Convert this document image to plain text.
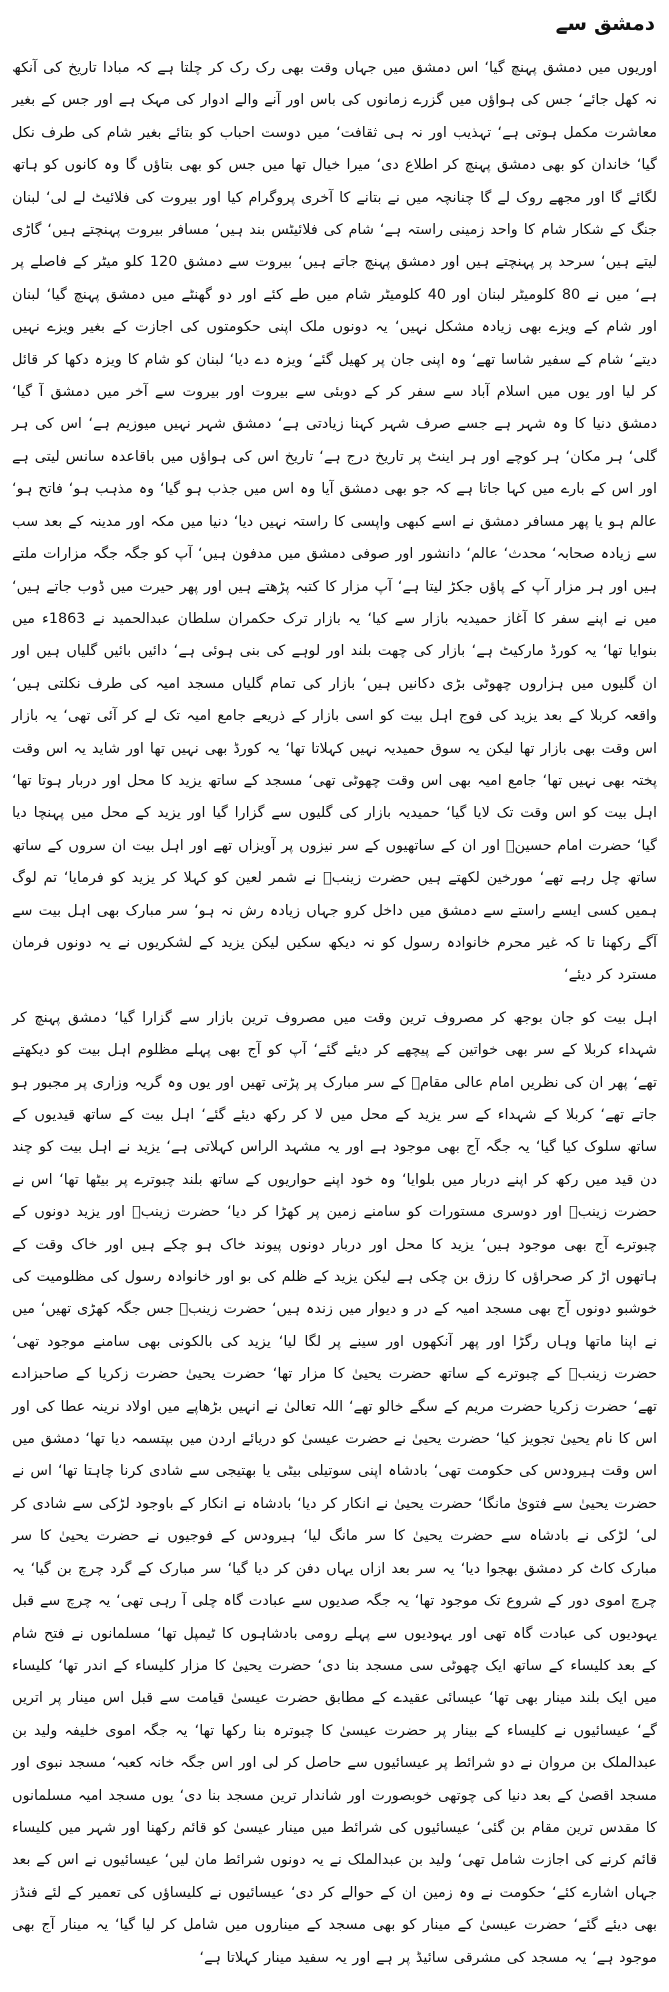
دمشق سے

اوریوں میں دمشق پہنچ گیا‘ اس دمشق میں جہاں وقت بھی رک رک کر چلتا ہے کہ مبادا تاریخ کی آنکھ نہ کھل جائے‘ جس کی ہواؤں میں گزرے زمانوں کی باس اور آنے والے ادوار کی مہک ہے اور جس کے بغیر معاشرت مکمل ہوتی ہے‘ تہذیب اور نہ ہی ثقافت‘ میں دوست احباب کو بتائے بغیر شام کی طرف نکل گیا‘ خاندان کو بھی دمشق پہنچ کر اطلاع دی‘ میرا خیال تھا میں جس کو بھی بتاؤں گا وہ کانوں کو ہاتھ لگائے گا اور مجھے روک لے گا چنانچہ میں نے بتانے کا آخری پروگرام کیا اور بیروت کی فلائیٹ لے لی‘ لبنان جنگ کے شکار شام کا واحد زمینی راستہ ہے‘ شام کی فلائیٹس بند ہیں‘ مسافر بیروت پہنچتے ہیں‘ گاڑی لیتے ہیں‘ سرحد پر پہنچتے ہیں اور دمشق پہنچ جاتے ہیں‘ بیروت سے دمشق 120 کلو میٹر کے فاصلے پر ہے‘ میں نے 80 کلومیٹر لبنان اور 40 کلومیٹر شام میں طے کئے اور دو گھنٹے میں دمشق پہنچ گیا‘ لبنان اور شام کے ویزے بھی زیادہ مشکل نہیں‘ یہ دونوں ملک اپنی حکومتوں کی اجازت کے بغیر ویزے نہیں دیتے‘ شام کے سفیر شاسا تھے‘ وہ اپنی جان پر کھیل گئے‘ ویزہ دے دیا‘ لبنان کو شام کا ویزہ دکھا کر قائل کر لیا اور یوں میں اسلام آباد سے سفر کر کے دوبئی سے بیروت اور بیروت سے آخر میں دمشق آ گیا‘ دمشق دنیا کا وہ شہر ہے جسے صرف شہر کہنا زیادتی ہے‘ دمشق شہر نہیں میوزیم ہے‘ اس کی ہر گلی‘ ہر مکان‘ ہر کوچے اور ہر اینٹ پر تاریخ درج ہے‘ تاریخ اس کی ہواؤں میں باقاعدہ سانس لیتی ہے اور اس کے بارے میں کہا جاتا ہے کہ جو بھی دمشق آیا وہ اس میں جذب ہو گیا‘ وہ مذہب ہو‘ فاتح ہو‘ عالم ہو یا پھر مسافر دمشق نے اسے کبھی واپسی کا راستہ نہیں دیا‘ دنیا میں مکہ اور مدینہ کے بعد سب سے زیادہ صحابہ‘ محدث‘ عالم‘ دانشور اور صوفی دمشق میں مدفون ہیں‘ آپ کو جگہ جگہ مزارات ملتے ہیں اور ہر مزار آپ کے پاؤں جکڑ لیتا ہے‘ آپ مزار کا کتبہ پڑھتے ہیں اور پھر حیرت میں ڈوب جاتے ہیں‘ میں نے اپنے سفر کا آغاز حمیدیہ بازار سے کیا‘ یہ بازار ترک حکمران سلطان عبدالحمید نے 1863ء میں بنوایا تھا‘ یہ کورڈ مارکیٹ ہے‘ بازار کی چھت بلند اور لوہے کی بنی ہوئی ہے‘ دائیں بائیں گلیاں ہیں اور ان گلیوں میں ہزاروں چھوٹی بڑی دکانیں ہیں‘ بازار کی تمام گلیاں مسجد امیہ کی طرف نکلتی ہیں‘ واقعہ کربلا کے بعد یزید کی فوج اہل بیت کو اسی بازار کے ذریعے جامع امیہ تک لے کر آئی تھی‘ یہ بازار اس وقت بھی بازار تھا لیکن یہ سوق حمیدیہ نہیں کہلاتا تھا‘ یہ کورڈ بھی نہیں تھا اور شاید یہ اس وقت پختہ بھی نہیں تھا‘ جامع امیہ بھی اس وقت چھوٹی تھی‘ مسجد کے ساتھ یزید کا محل اور دربار ہوتا تھا‘ اہل بیت کو اس وقت تک لایا گیا‘ حمیدیہ بازار کی گلیوں سے گزارا گیا اور یزید کے محل میں پہنچا دیا گیا‘ حضرت امام حسینؓ اور ان کے ساتھیوں کے سر نیزوں پر آویزاں تھے اور اہل بیت ان سروں کے ساتھ ساتھ چل رہے تھے‘ مورخین لکھتے ہیں حضرت زینبؓ نے شمر لعین کو کہلا کر یزید کو فرمایا‘ تم لوگ ہمیں کسی ایسے راستے سے دمشق میں داخل کرو جہاں زیادہ رش نہ ہو‘ سر مبارک بھی اہل بیت سے آگے رکھنا تا کہ غیر محرم خانوادہ رسول کو نہ دیکھ سکیں لیکن یزید کے لشکریوں نے یہ دونوں فرمان مسترد کر دیئے‘

اہل بیت کو جان بوجھ کر مصروف ترین وقت میں مصروف ترین بازار سے گزارا گیا‘ دمشق پہنچ کر شہداء کربلا کے سر بھی خواتین کے پیچھے کر دیئے گئے‘ آپ کو آج بھی پہلے مظلوم اہل بیت کو دیکھتے تھے‘ پھر ان کی نظریں امام عالی مقامؓ کے سر مبارک پر پڑتی تھیں اور یوں وہ گریہ وزاری پر مجبور ہو جاتے تھے‘ کربلا کے شہداء کے سر یزید کے محل میں لا کر رکھ دیئے گئے‘ اہل بیت کے ساتھ قیدیوں کے ساتھ سلوک کیا گیا‘ یہ جگہ آج بھی موجود ہے اور یہ مشہد الراس کہلاتی ہے‘ یزید نے اہل بیت کو چند دن قید میں رکھ کر اپنے دربار میں بلوایا‘ وہ خود اپنے حواریوں کے ساتھ بلند چبوترے پر بیٹھا تھا‘ اس نے حضرت زینبؓ اور دوسری مستورات کو سامنے زمین پر کھڑا کر دیا‘ حضرت زینبؓ اور یزید دونوں کے چبوترے آج بھی موجود ہیں‘ یزید کا محل اور دربار دونوں پیوند خاک ہو چکے ہیں اور خاک وقت کے ہاتھوں اڑ کر صحراؤں کا رزق بن چکی ہے لیکن یزید کے ظلم کی بو اور خانوادہ رسول کی مظلومیت کی خوشبو دونوں آج بھی مسجد امیہ کے در و دیوار میں زندہ ہیں‘ حضرت زینبؓ جس جگہ کھڑی تھیں‘ میں نے اپنا ماتھا وہاں رگڑا اور پھر آنکھوں اور سینے پر لگا لیا‘ یزید کی بالکونی بھی سامنے موجود تھی‘ حضرت زینبؓ کے چبوترے کے ساتھ حضرت یحییٰ کا مزار تھا‘ حضرت یحییٰ حضرت زکریا کے صاحبزادے تھے‘ حضرت زکریا حضرت مریم کے سگے خالو تھے‘ اللہ تعالیٰ نے انہیں بڑھاپے میں اولاد نرینہ عطا کی اور اس کا نام یحییٰ تجویز کیا‘ حضرت یحییٰ نے حضرت عیسیٰ کو دریائے اردن میں بپتسمہ دیا تھا‘ دمشق میں اس وقت ہیرودس کی حکومت تھی‘ بادشاہ اپنی سوتیلی بیٹی یا بھتیجی سے شادی کرنا چاہتا تھا‘ اس نے حضرت یحییٰ سے فتویٰ مانگا‘ حضرت یحییٰ نے انکار کر دیا‘ بادشاہ نے انکار کے باوجود لڑکی سے شادی کر لی‘ لڑکی نے بادشاہ سے حضرت یحییٰ کا سر مانگ لیا‘ ہیرودس کے فوجیوں نے حضرت یحییٰ کا سر مبارک کاٹ کر دمشق بھجوا دیا‘ یہ سر بعد ازاں یہاں دفن کر دیا گیا‘ سر مبارک کے گرد چرچ بن گیا‘ یہ چرچ اموی دور کے شروع تک موجود تھا‘ یہ جگہ صدیوں سے عبادت گاہ چلی آ رہی تھی‘ یہ چرچ سے قبل یہودیوں کی عبادت گاہ تھی اور یہودیوں سے پہلے رومی بادشاہوں کا ٹیمپل تھا‘ مسلمانوں نے فتح شام کے بعد کلیساء کے ساتھ ایک چھوٹی سی مسجد بنا دی‘ حضرت یحییٰ کا مزار کلیساء کے اندر تھا‘ کلیساء میں ایک بلند مینار بھی تھا‘ عیسائی عقیدے کے مطابق حضرت عیسیٰ قیامت سے قبل اس مینار پر اتریں گے‘ عیسائیوں نے کلیساء کے بینار پر حضرت عیسیٰ کا چبوترہ بنا رکھا تھا‘ یہ جگہ اموی خلیفہ ولید بن عبدالملک بن مروان نے دو شرائط پر عیسائیوں سے حاصل کر لی اور اس جگہ خانہ کعبہ‘ مسجد نبوی اور مسجد اقصیٰ کے بعد دنیا کی چوتھی خوبصورت اور شاندار ترین مسجد بنا دی‘ یوں مسجد امیہ مسلمانوں کا مقدس ترین مقام بن گئی‘ عیسائیوں کی شرائط میں مینار عیسیٰ کو قائم رکھنا اور شہر میں کلیساء قائم کرنے کی اجازت شامل تھی‘ ولید بن عبدالملک نے یہ دونوں شرائط مان لیں‘ عیسائیوں نے اس کے بعد جہاں اشارے کئے‘ حکومت نے وہ زمین ان کے حوالے کر دی‘ عیسائیوں نے کلیساؤں کی تعمیر کے لئے فنڈز بھی دیئے گئے‘ حضرت عیسیٰ کے مینار کو بھی مسجد کے میناروں میں شامل کر لیا گیا‘ یہ مینار آج بھی موجود ہے‘ یہ مسجد کی مشرقی سائیڈ پر ہے اور یہ سفید مینار کہلاتا ہے‘
